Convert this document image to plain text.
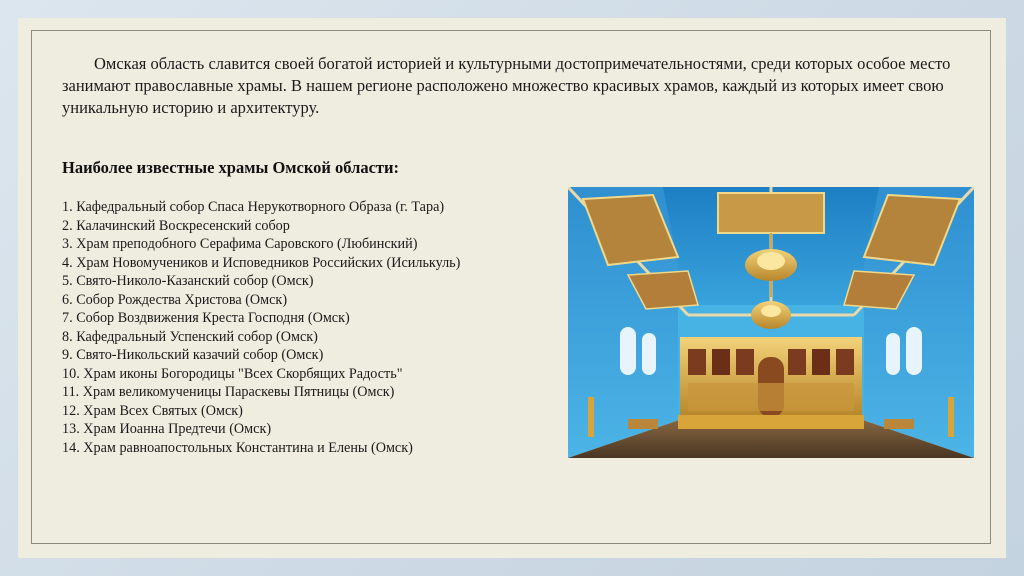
Омская область славится своей богатой историей и культурными достопримечательностями, среди которых особое место занимают православные храмы. В нашем регионе расположено множество красивых храмов, каждый из которых имеет свою уникальную историю и архитектуру.

Наиболее известные храмы Омской области:

1. Кафедральный собор Спаса Нерукотворного Образа (г. Тара)
2. Калачинский Воскресенский собор
3. Храм преподобного Серафима Саровского (Любинский)
4. Храм Новомучеников и Исповедников Российских (Исилькуль)
5. Свято-Николо-Казанский собор (Омск)
6. Собор Рождества Христова (Омск)
7. Собор Воздвижения Креста Господня (Омск)
8. Кафедральный Успенский собор (Омск)
9. Свято-Никольский казачий собор (Омск)
10. Храм иконы Богородицы "Всех Скорбящих Радость"
11. Храм великомученицы Параскевы Пятницы (Омск)
12. Храм Всех Святых (Омск)
13. Храм Иоанна Предтечи (Омск)
14. Храм равноапостольных Константина и Елены (Омск)
